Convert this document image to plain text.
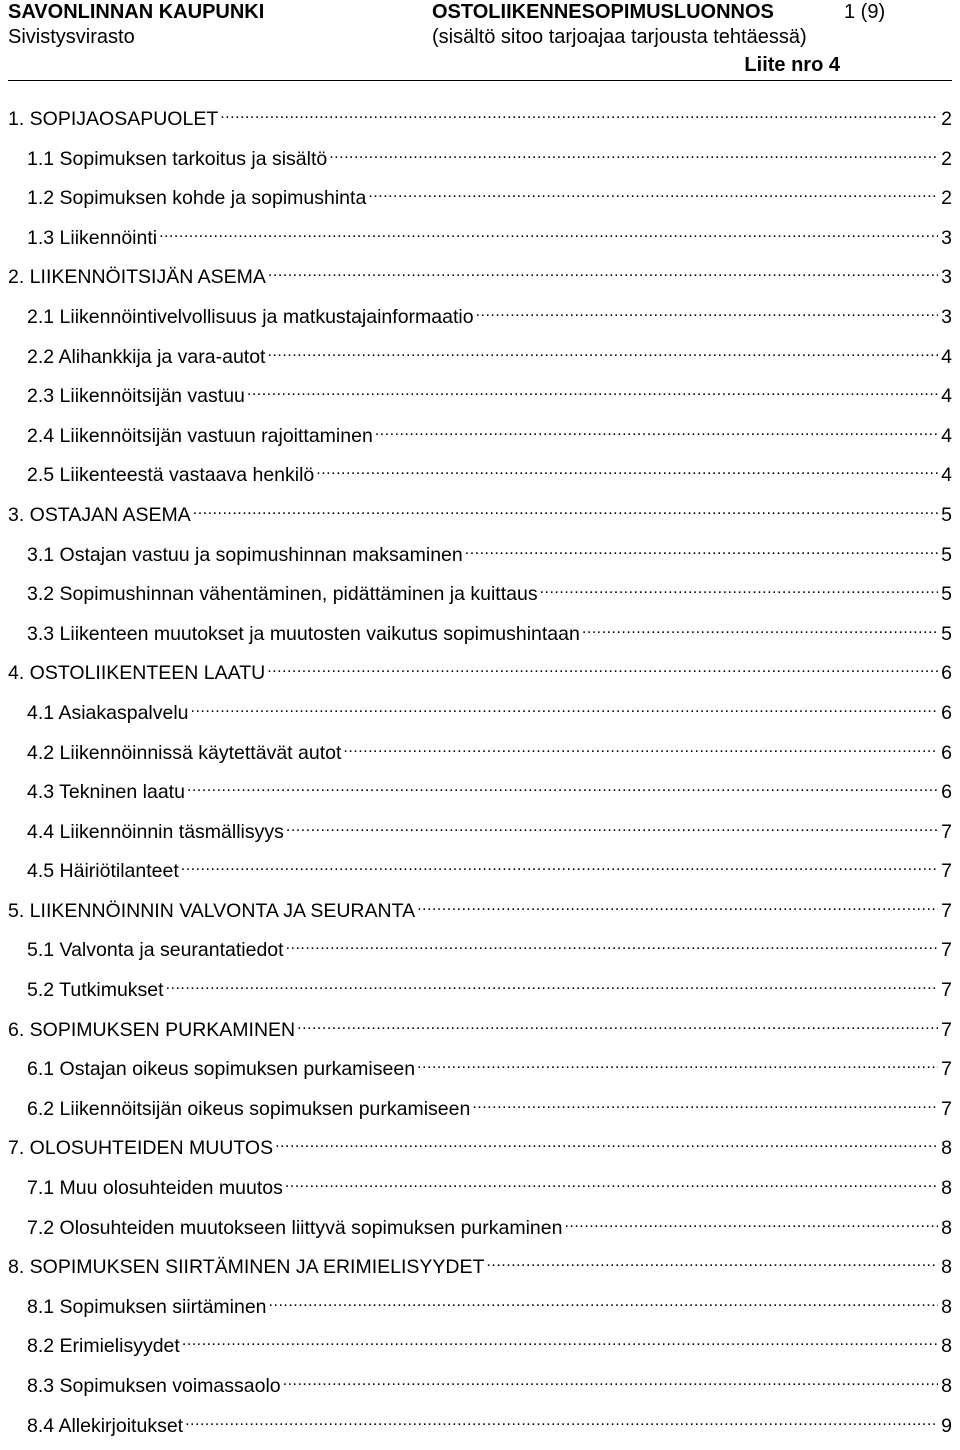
SAVONLINNAN KAUPUNKI
Sivistysvirasto
OSTOLIIKENNESOPIMUSLUONNOS
(sisältö sitoo tarjoajaa tarjousta tehtäessä)
1 (9)
Liite nro 4
1. SOPIJAOSAPUOLET .....	2
1.1 Sopimuksen tarkoitus ja sisältö .....	2
1.2 Sopimuksen kohde ja sopimushinta .....	2
1.3 Liikennöinti .....	3
2. LIIKENNÖITSIJÄN ASEMA .....	3
2.1 Liikennöintivelvollisuus ja matkustajainformaatio .....	3
2.2 Alihankkija ja vara-autot .....	4
2.3 Liikennöitsijän vastuu .....	4
2.4 Liikennöitsijän vastuun rajoittaminen .....	4
2.5 Liikenteestä vastaava henkilö .....	4
3. OSTAJAN ASEMA .....	5
3.1 Ostajan vastuu ja sopimushinnan maksaminen .....	5
3.2 Sopimushinnan vähentäminen, pidättäminen ja kuittaus .....	5
3.3 Liikenteen muutokset ja muutosten vaikutus sopimushintaan .....	5
4. OSTOLIIKENTEEN LAATU .....	6
4.1 Asiakaspalvelu .....	6
4.2 Liikennöinnissä käytettävät autot .....	6
4.3 Tekninen laatu .....	6
4.4 Liikennöinnin täsmällisyys .....	7
4.5 Häiriötilanteet .....	7
5. LIIKENNÖINNIN VALVONTA JA SEURANTA .....	7
5.1 Valvonta ja seurantatiedot .....	7
5.2 Tutkimukset .....	7
6. SOPIMUKSEN PURKAMINEN .....	7
6.1 Ostajan oikeus sopimuksen purkamiseen .....	7
6.2 Liikennöitsijän oikeus sopimuksen purkamiseen .....	7
7. OLOSUHTEIDEN MUUTOS .....	8
7.1 Muu olosuhteiden muutos .....	8
7.2 Olosuhteiden muutokseen liittyvä sopimuksen purkaminen .....	8
8. SOPIMUKSEN SIIRTÄMINEN JA ERIMIELISYYDET .....	8
8.1 Sopimuksen siirtäminen .....	8
8.2 Erimielisyydet .....	8
8.3 Sopimuksen voimassaolo .....	8
8.4 Allekirjoitukset .....	9
